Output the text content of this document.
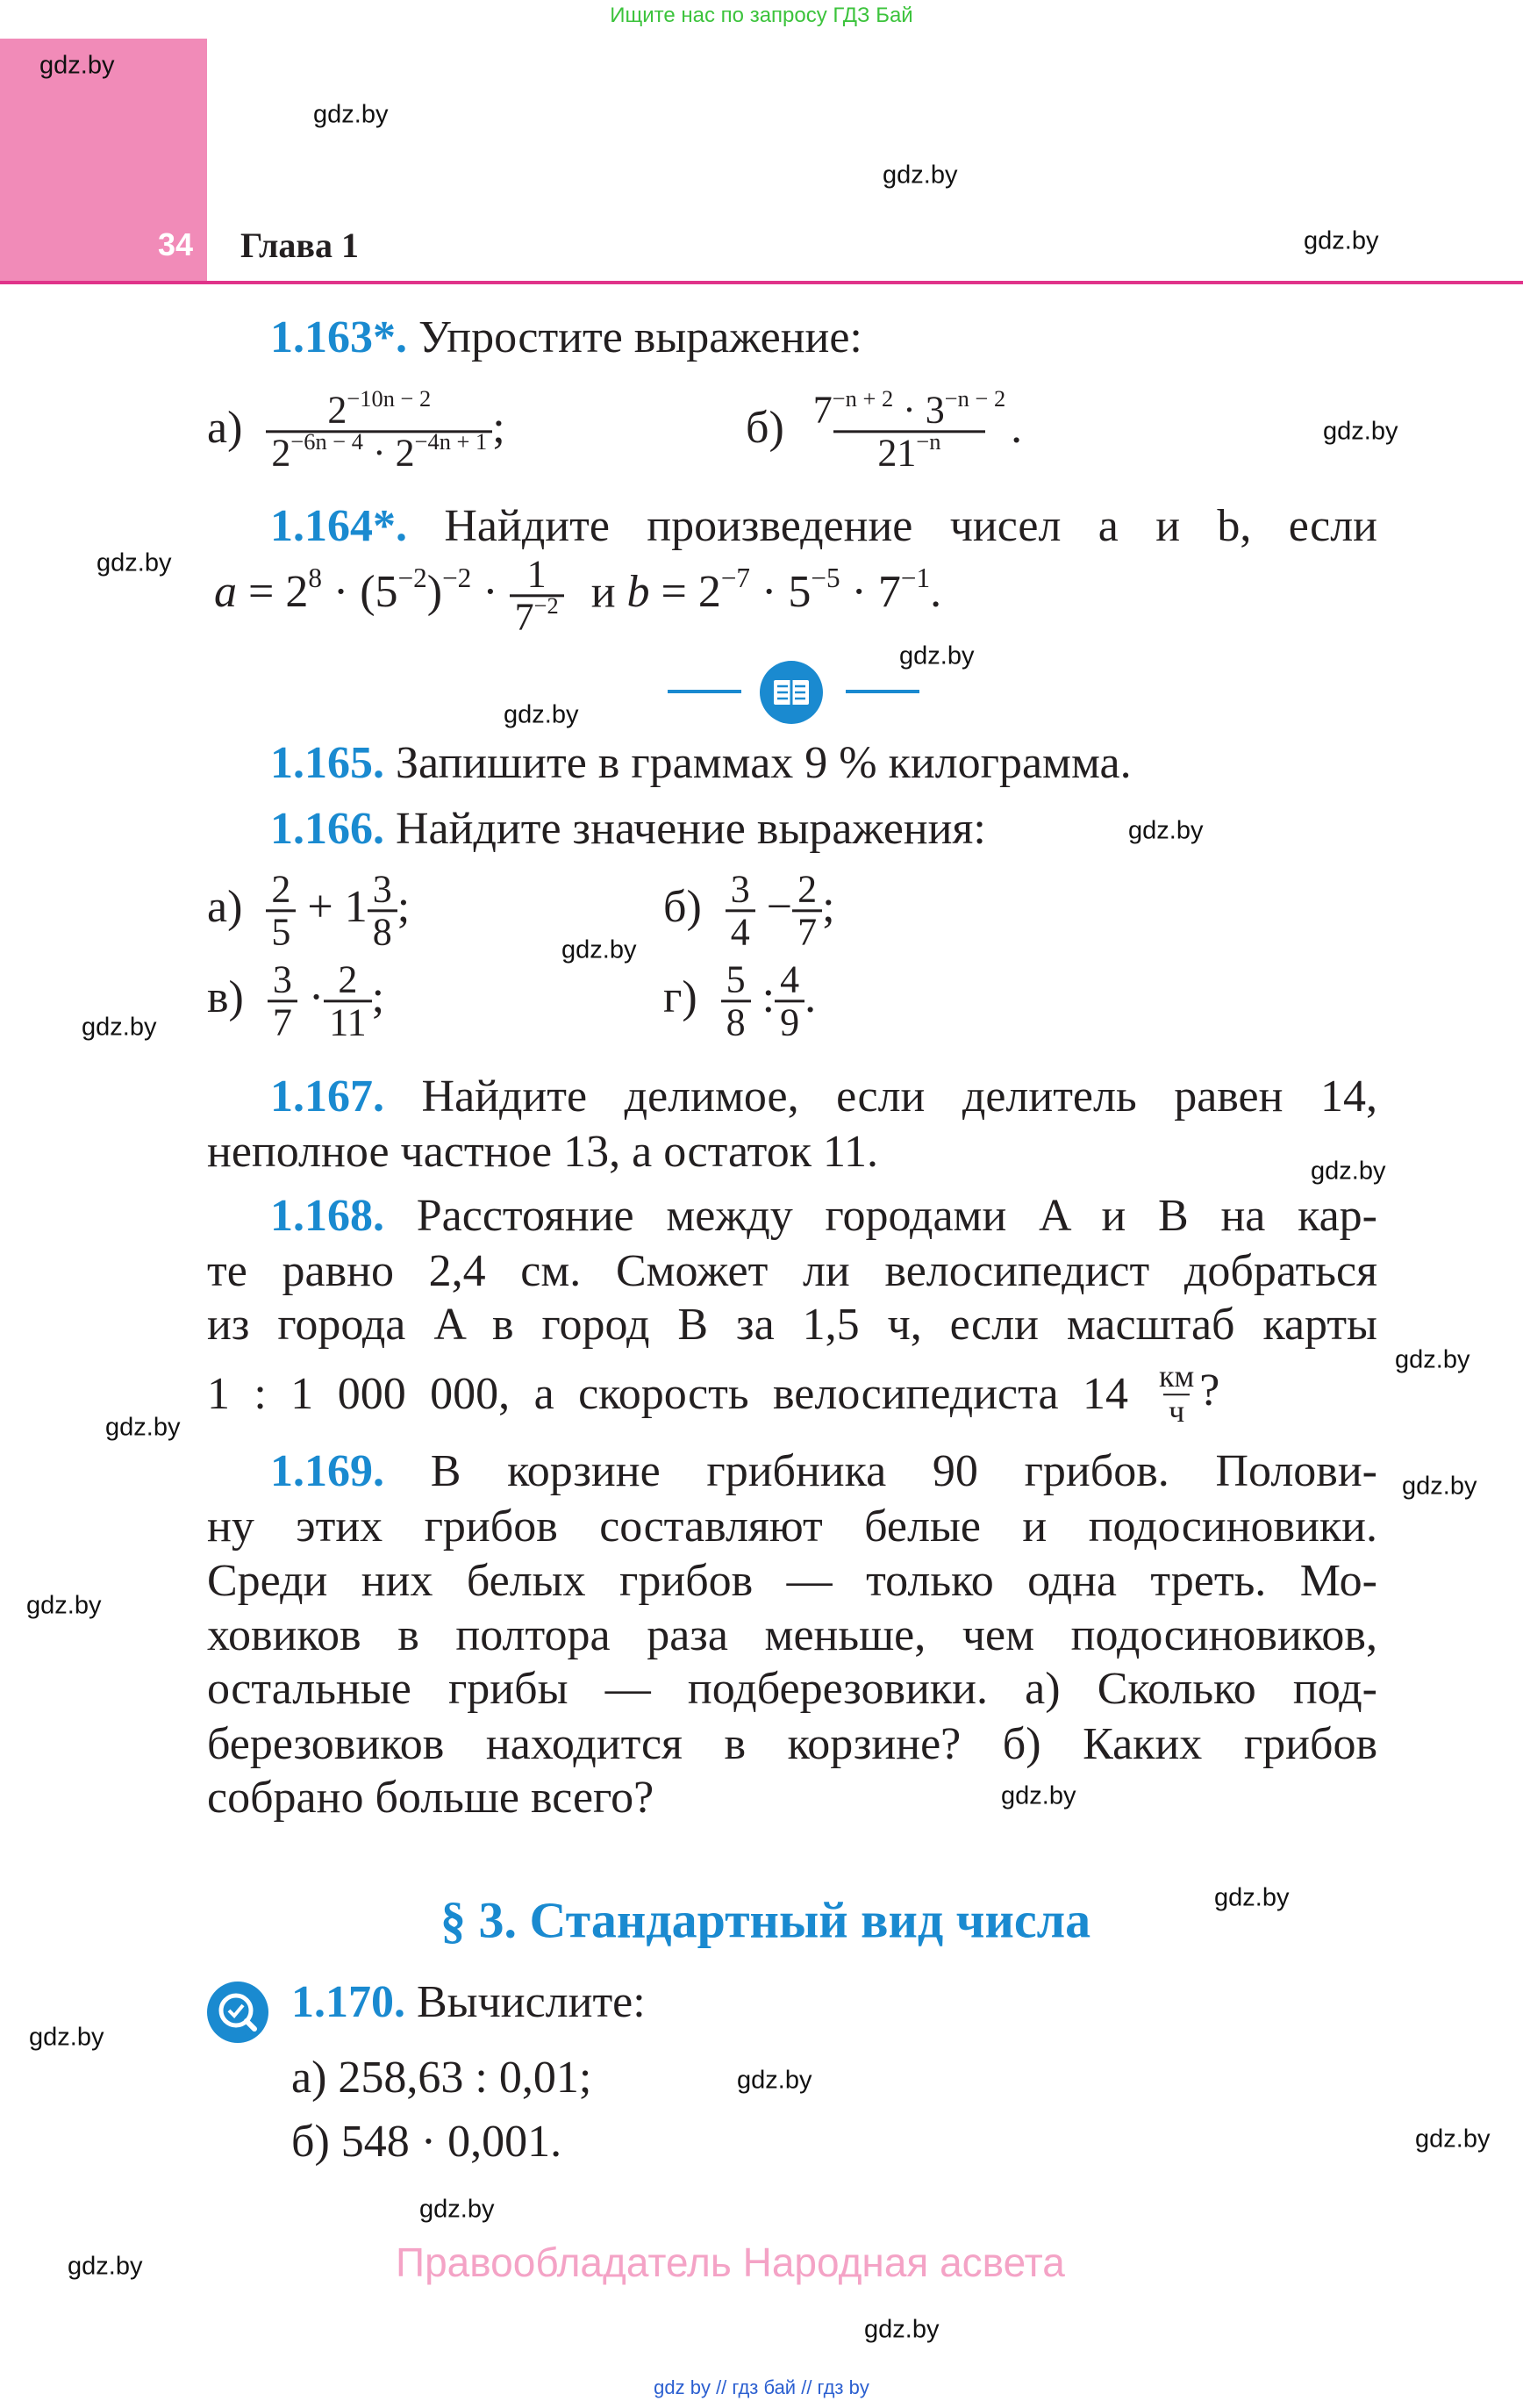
Ищите нас по запросу ГДЗ Бай
34 Глава 1
1.163*. Упростите выражение:
$а) \frac{2^{-10n - 2}}{2^{-6n - 4} \cdot 2^{-4n + 1}}$ ;	$б) \frac{7^{-n + 2} \cdot 3^{-n - 2}}{21^{-n}}$ .
1.164*. Найдите произведение чисел a и b, если
$a = 2^8 \cdot (5^{-2})^{-2} \cdot \frac{1}{7^{-2}}$ и $b = 2^{-7} \cdot 5^{-5} \cdot 7^{-1}$.
1.165. Запишите в граммах 9 % килограмма.
1.166. Найдите значение выражения:
$а) \frac{2}{5} + 1 \frac{3}{8}$ ;	$б) \frac{3}{4} - \frac{2}{7}$ ;
$в) \frac{3}{7} \cdot \frac{2}{11}$ ;	$г) \frac{5}{8}$ : $\frac{4}{9}$ .
1.167. Найдите делимое, если делитель равен 14,
неполное частное 13, а остаток 11.
1.168. Расстояние между городами A и B на кар-
те равно 2,4 см. Сможет ли велосипедист добраться
из города A в город B за 1,5 ч, если масштаб карты
1 : 1 000 000, а скорость велосипедиста $14 \frac{км}{ч}$ ?
1.169. В корзине грибника 90 грибов. Полови-
ну этих грибов составляют белые и подосиновики.
Среди них белых грибов — только одна треть. Мо-
ховиков в полтора раза меньше, чем подосиновиков,
остальные грибы — подберезовики. а) Сколько под-
березовиков находится в корзине? б) Каких грибов
собрано больше всего?
§ 3. Стандартный вид числа
1.170. Вычислите:
а) 258,63 : 0,01;
б) 548 · 0,001.
Правообладатель Народная асвета
gdz by // гдз бай // гдз by
gdz.by
gdz.by
gdz.by
gdz.by
gdz.by
gdz.by
gdz.by
gdz.by
gdz.by
gdz.by
gdz.by
gdz.by
gdz.by
gdz.by
gdz.by
gdz.by
gdz.by
gdz.by
gdz.by
gdz.by
gdz.by
gdz.by
gdz.by
gdz.by
